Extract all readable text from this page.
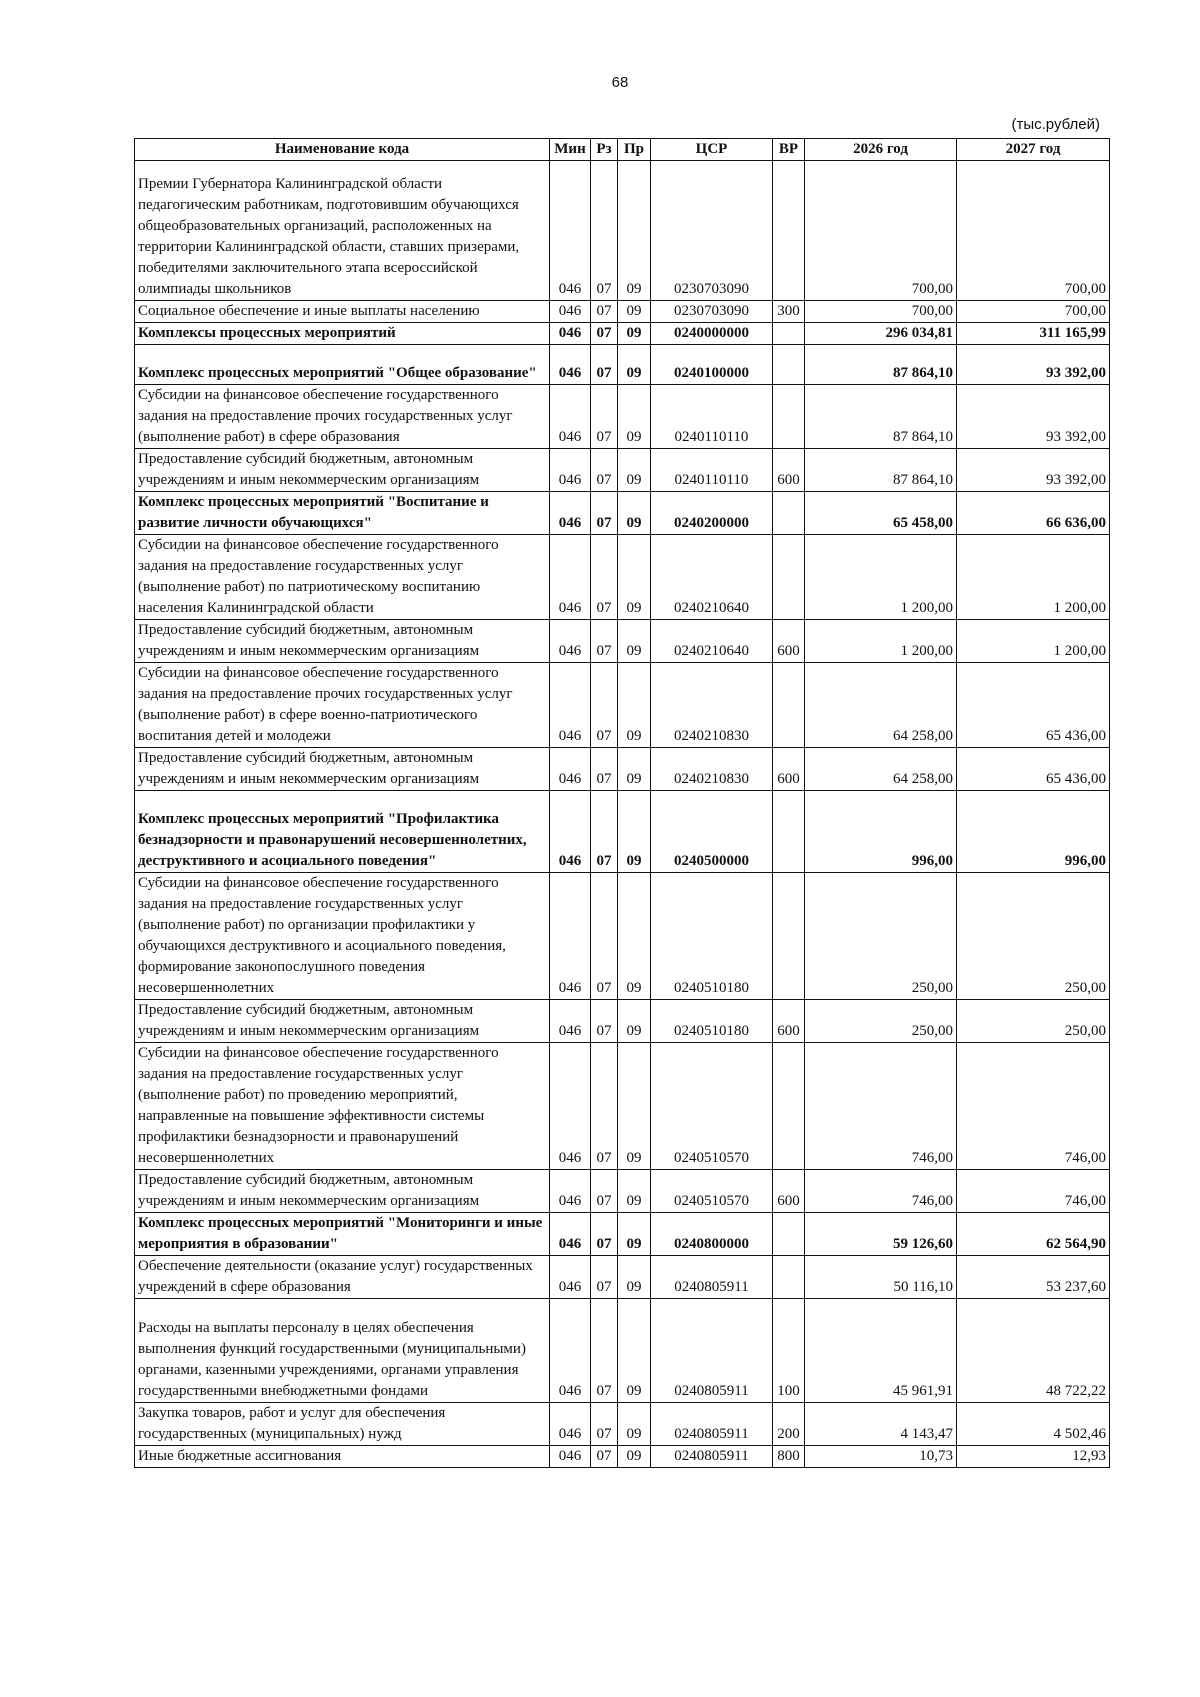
68
(тыс.рублей)
Наименование кода	Мин	Рз	Пр	ЦСР	ВР	2026 год	2027 год
Премии Губернатора Калининградской области педагогическим работникам, подготовившим обучающихся общеобразовательных организаций, расположенных на территории Калининградской области, ставших призерами, победителями заключительного этапа всероссийской олимпиады школьников	046	07	09	0230703090		700,00	700,00
Социальное обеспечение и иные выплаты населению	046	07	09	0230703090	300	700,00	700,00
Комплексы процессных мероприятий	046	07	09	0240000000		296 034,81	311 165,99
Комплекс процессных мероприятий "Общее образование"	046	07	09	0240100000		87 864,10	93 392,00
Субсидии на финансовое обеспечение государственного задания на предоставление прочих государственных услуг (выполнение работ) в сфере образования	046	07	09	0240110110		87 864,10	93 392,00
Предоставление субсидий бюджетным, автономным учреждениям и иным некоммерческим организациям	046	07	09	0240110110	600	87 864,10	93 392,00
Комплекс процессных мероприятий "Воспитание и развитие личности обучающихся"	046	07	09	0240200000		65 458,00	66 636,00
Субсидии на финансовое обеспечение государственного задания на предоставление государственных услуг (выполнение работ) по патриотическому воспитанию населения Калининградской области	046	07	09	0240210640		1 200,00	1 200,00
Предоставление субсидий бюджетным, автономным учреждениям и иным некоммерческим организациям	046	07	09	0240210640	600	1 200,00	1 200,00
Субсидии на финансовое обеспечение государственного задания на предоставление прочих государственных услуг (выполнение работ) в сфере военно-патриотического воспитания детей и молодежи	046	07	09	0240210830		64 258,00	65 436,00
Предоставление субсидий бюджетным, автономным учреждениям и иным некоммерческим организациям	046	07	09	0240210830	600	64 258,00	65 436,00
Комплекс процессных мероприятий "Профилактика безнадзорности и правонарушений несовершеннолетних, деструктивного и асоциального поведения"	046	07	09	0240500000		996,00	996,00
Субсидии на финансовое обеспечение государственного задания на предоставление государственных услуг (выполнение работ) по организации профилактики у обучающихся деструктивного и асоциального поведения, формирование законопослушного поведения несовершеннолетних	046	07	09	0240510180		250,00	250,00
Предоставление субсидий бюджетным, автономным учреждениям и иным некоммерческим организациям	046	07	09	0240510180	600	250,00	250,00
Субсидии на финансовое обеспечение государственного задания на предоставление государственных услуг (выполнение работ) по проведению мероприятий, направленные на повышение эффективности системы профилактики безнадзорности и правонарушений несовершеннолетних	046	07	09	0240510570		746,00	746,00
Предоставление субсидий бюджетным, автономным учреждениям и иным некоммерческим организациям	046	07	09	0240510570	600	746,00	746,00
Комплекс процессных мероприятий "Мониторинги и иные мероприятия в образовании"	046	07	09	0240800000		59 126,60	62 564,90
Обеспечение деятельности (оказание услуг) государственных учреждений в сфере образования	046	07	09	0240805911		50 116,10	53 237,60
Расходы на выплаты персоналу в целях обеспечения выполнения функций государственными (муниципальными) органами, казенными учреждениями, органами управления государственными внебюджетными фондами	046	07	09	0240805911	100	45 961,91	48 722,22
Закупка товаров, работ и услуг для обеспечения государственных (муниципальных) нужд	046	07	09	0240805911	200	4 143,47	4 502,46
Иные бюджетные ассигнования	046	07	09	0240805911	800	10,73	12,93
